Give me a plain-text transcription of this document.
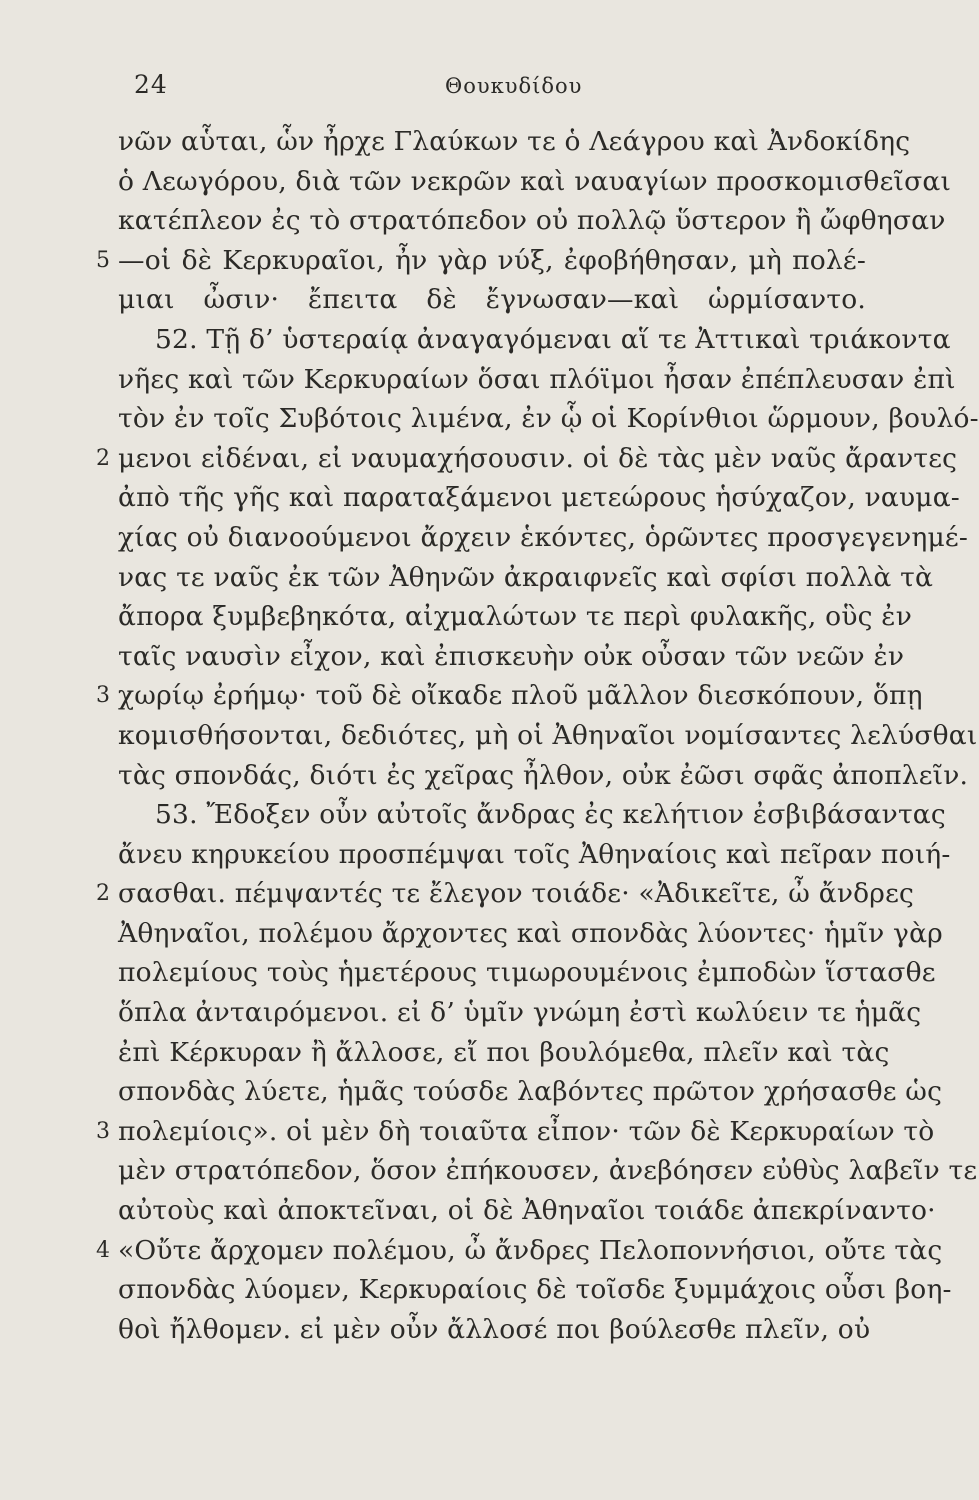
24	Θουκυδίδου
νῶν αὗται, ὧν ἦρχε Γλαύκων τε ὁ Λεάγρου καὶ Ἀνδοκίδης
ὁ Λεωγόρου, διὰ τῶν νεκρῶν καὶ ναυαγίων προσκομισθεῖσαι
κατέπλεον ἐς τὸ στρατόπεδον οὐ πολλῷ ὕστερον ἢ ὤφθησαν
5 —οἱ δὲ Κερκυραῖοι, ἦν γὰρ νύξ, ἐφοβήθησαν, μὴ πολέ-
μιαι ὦσιν· ἔπειτα δὲ ἔγνωσαν—καὶ ὡρμίσαντο.
52. Τῇ δ’ ὑστεραίᾳ ἀναγαγόμεναι αἵ τε Ἀττικαὶ τριάκοντα
νῆες καὶ τῶν Κερκυραίων ὅσαι πλόϊμοι ἦσαν ἐπέπλευσαν ἐπὶ
τὸν ἐν τοῖς Συβότοις λιμένα, ἐν ᾧ οἱ Κορίνθιοι ὥρμουν, βουλό-
2 μενοι εἰδέναι, εἰ ναυμαχήσουσιν. οἱ δὲ τὰς μὲν ναῦς ἄραντες
ἀπὸ τῆς γῆς καὶ παραταξάμενοι μετεώρους ἡσύχαζον, ναυμα-
χίας οὐ διανοούμενοι ἄρχειν ἑκόντες, ὁρῶντες προσγεγενημέ-
νας τε ναῦς ἐκ τῶν Ἀθηνῶν ἀκραιφνεῖς καὶ σφίσι πολλὰ τὰ
ἄπορα ξυμβεβηκότα, αἰχμαλώτων τε περὶ φυλακῆς, οὓς ἐν
ταῖς ναυσὶν εἶχον, καὶ ἐπισκευὴν οὐκ οὖσαν τῶν νεῶν ἐν
3 χωρίῳ ἐρήμῳ· τοῦ δὲ οἴκαδε πλοῦ μᾶλλον διεσκόπουν, ὅπῃ
κομισθήσονται, δεδιότες, μὴ οἱ Ἀθηναῖοι νομίσαντες λελύσθαι
τὰς σπονδάς, διότι ἐς χεῖρας ἦλθον, οὐκ ἐῶσι σφᾶς ἀποπλεῖν.
53. Ἔδοξεν οὖν αὐτοῖς ἄνδρας ἐς κελήτιον ἐσβιβάσαντας
ἄνευ κηρυκείου προσπέμψαι τοῖς Ἀθηναίοις καὶ πεῖραν ποιή-
2 σασθαι. πέμψαντές τε ἔλεγον τοιάδε· «Ἀδικεῖτε, ὦ ἄνδρες
Ἀθηναῖοι, πολέμου ἄρχοντες καὶ σπονδὰς λύοντες· ἡμῖν γὰρ
πολεμίους τοὺς ἡμετέρους τιμωρουμένοις ἐμποδὼν ἵστασθε
ὅπλα ἀνταιρόμενοι. εἰ δ’ ὑμῖν γνώμη ἐστὶ κωλύειν τε ἡμᾶς
ἐπὶ Κέρκυραν ἢ ἄλλοσε, εἴ ποι βουλόμεθα, πλεῖν καὶ τὰς
σπονδὰς λύετε, ἡμᾶς τούσδε λαβόντες πρῶτον χρήσασθε ὡς
3 πολεμίοις». οἱ μὲν δὴ τοιαῦτα εἶπον· τῶν δὲ Κερκυραίων τὸ
μὲν στρατόπεδον, ὅσον ἐπήκουσεν, ἀνεβόησεν εὐθὺς λαβεῖν τε
αὐτοὺς καὶ ἀποκτεῖναι, οἱ δὲ Ἀθηναῖοι τοιάδε ἀπεκρίναντο·
4 «Οὔτε ἄρχομεν πολέμου, ὦ ἄνδρες Πελοποννήσιοι, οὔτε τὰς
σπονδὰς λύομεν, Κερκυραίοις δὲ τοῖσδε ξυμμάχοις οὖσι βοη-
θοὶ ἤλθομεν. εἰ μὲν οὖν ἄλλοσέ ποι βούλεσθε πλεῖν, οὐ
